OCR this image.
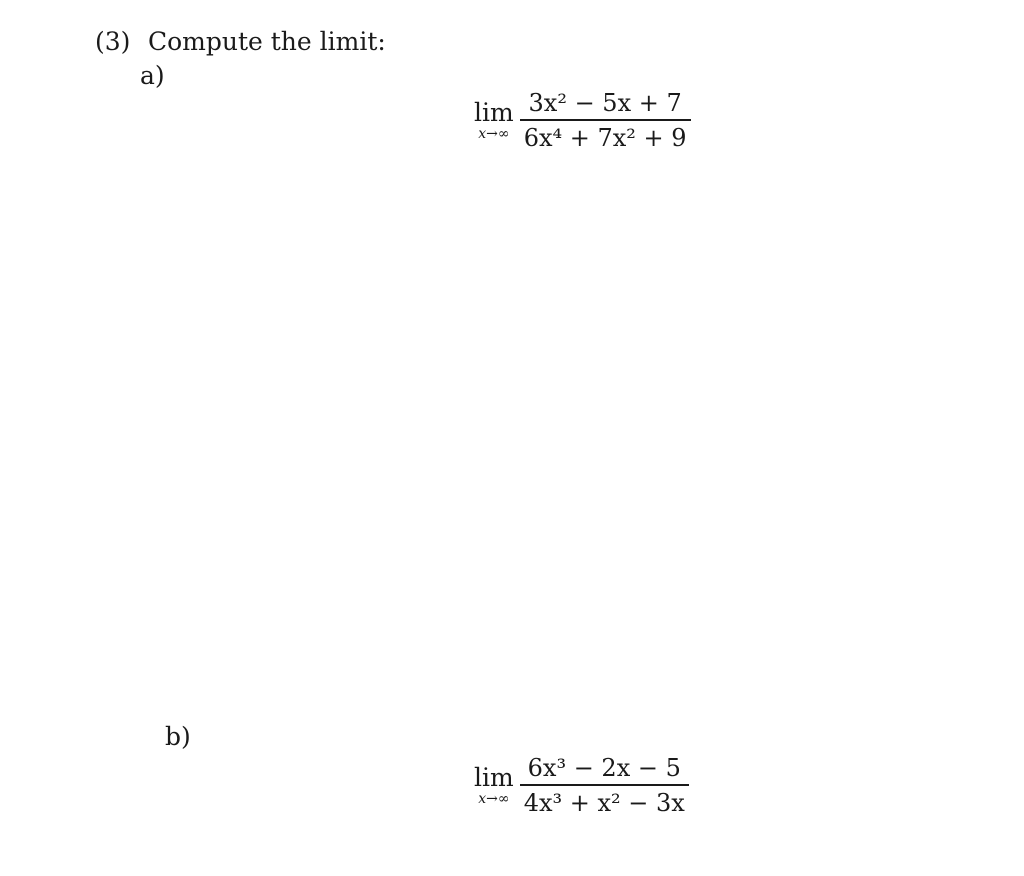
(3) Compute the limit:
a)
lim
$x\to\infty \frac{\text{3x² − 5x + 7}}{\text{6x⁴ + 7x² + 9}}$
b)
lim
$x\to\infty \frac{\text{6x³ − 2x − 5}}{\text{4x³ + x² − 3x}}$
